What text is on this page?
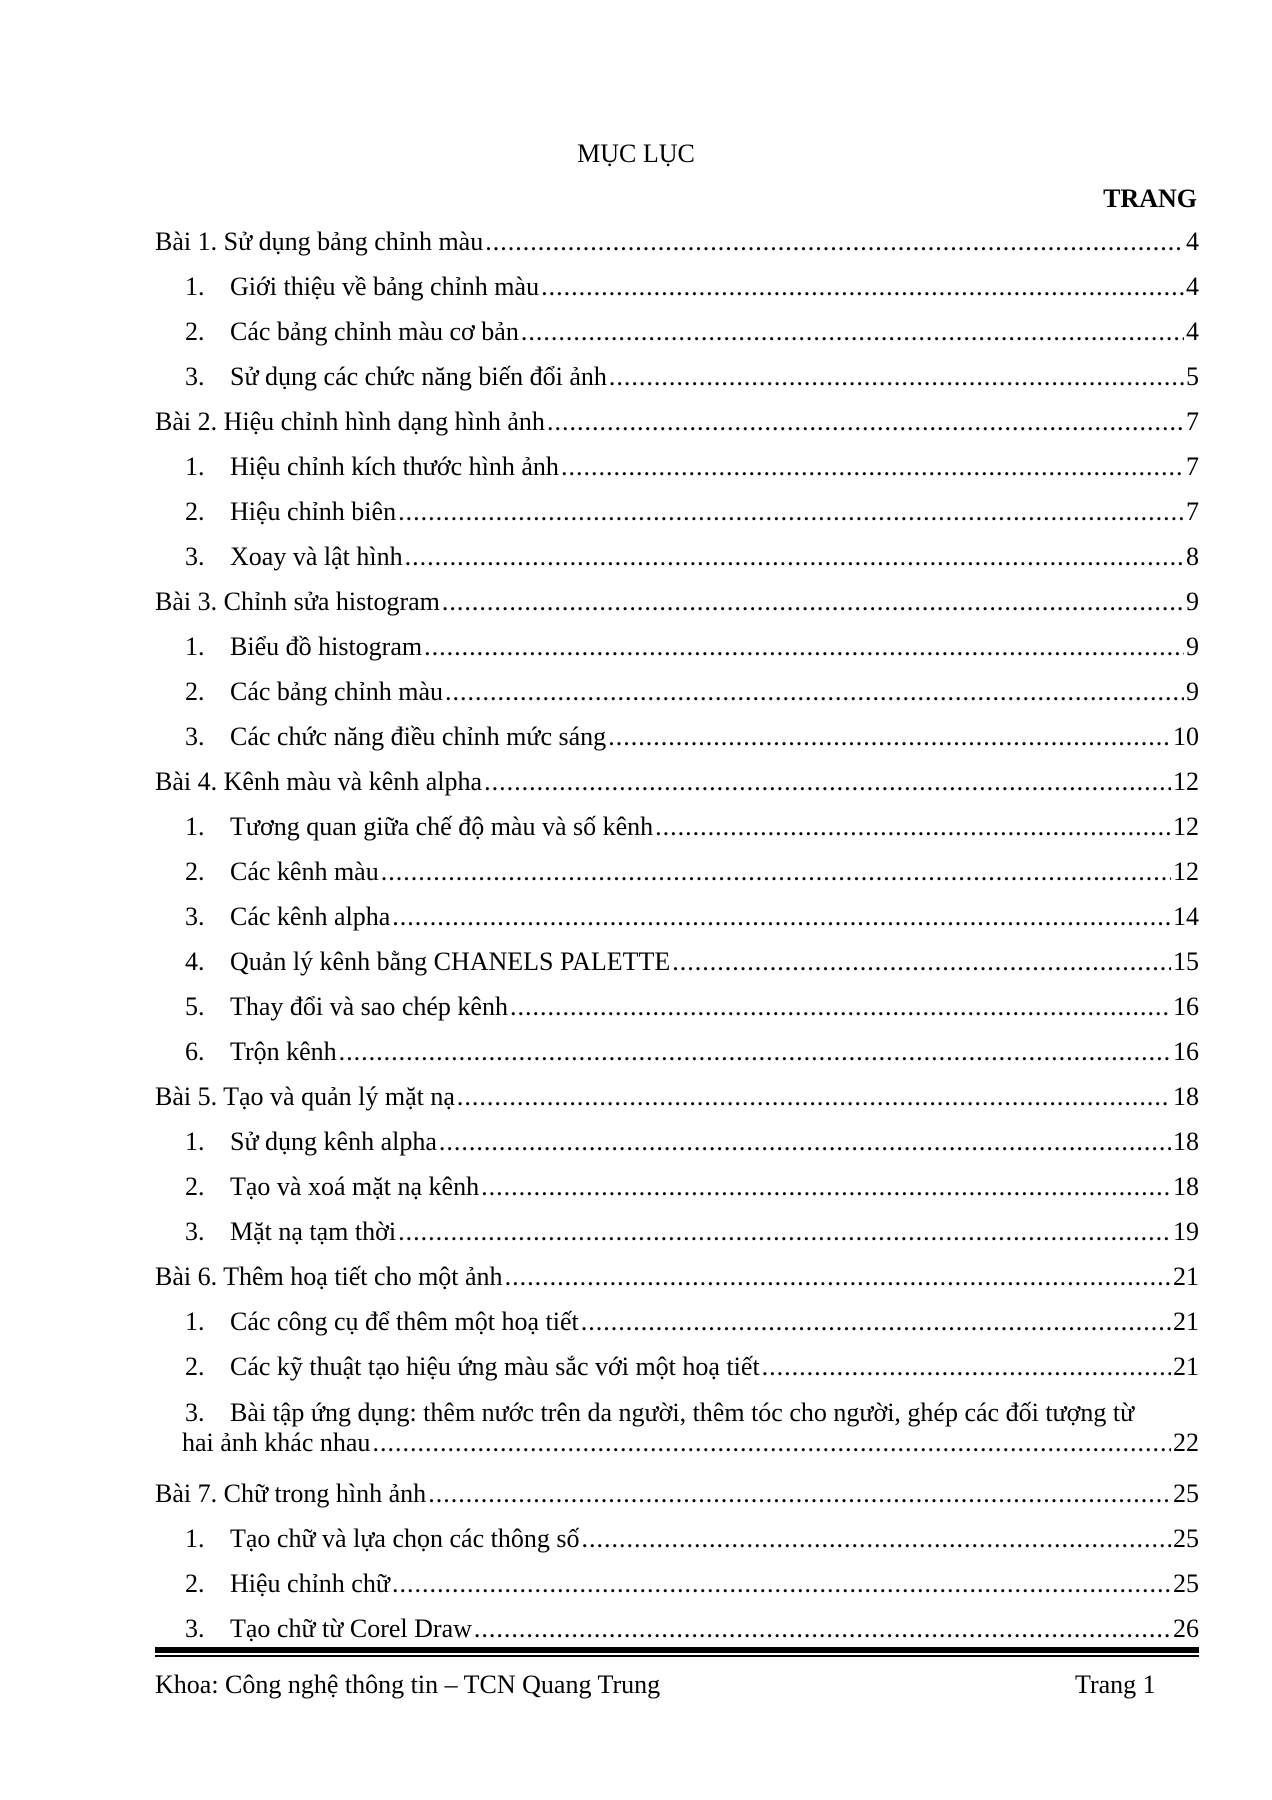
MỤC LỤC
TRANG
Bài 1. Sử dụng bảng chỉnh màu .....	4
1. Giới thiệu về bảng chỉnh màu .....	4
2. Các bảng chỉnh màu cơ bản .....	4
3. Sử dụng các chức năng biến đổi ảnh .....	5
Bài 2. Hiệu chỉnh hình dạng hình ảnh .....	7
1. Hiệu chỉnh kích thước hình ảnh .....	7
2. Hiệu chỉnh biên .....	7
3. Xoay và lật hình .....	8
Bài 3. Chỉnh sửa histogram .....	9
1. Biểu đồ histogram .....	9
2. Các bảng chỉnh màu .....	9
3. Các chức năng điều chỉnh mức sáng .....	10
Bài 4. Kênh màu và kênh alpha .....	12
1. Tương quan giữa chế độ màu và số kênh .....	12
2. Các kênh màu .....	12
3. Các kênh alpha .....	14
4. Quản lý kênh bằng CHANELS PALETTE .....	15
5. Thay đổi và sao chép kênh .....	16
6. Trộn kênh .....	16
Bài 5. Tạo và quản lý mặt nạ .....	18
1. Sử dụng kênh alpha .....	18
2. Tạo và xoá mặt nạ kênh .....	18
3. Mặt nạ tạm thời .....	19
Bài 6. Thêm hoạ tiết cho một ảnh .....	21
1. Các công cụ để thêm một hoạ tiết .....	21
2. Các kỹ thuật tạo hiệu ứng màu sắc với một hoạ tiết .....	21
3. Bài tập ứng dụng: thêm nước trên da người, thêm tóc cho người, ghép các đối tượng từ
hai ảnh khác nhau .....	22
Bài 7. Chữ trong hình ảnh .....	25
1. Tạo chữ và lựa chọn các thông số .....	25
2. Hiệu chỉnh chữ .....	25
3. Tạo chữ từ Corel Draw .....	26
Khoa: Công nghệ thông tin – TCN Quang Trung	Trang 1
